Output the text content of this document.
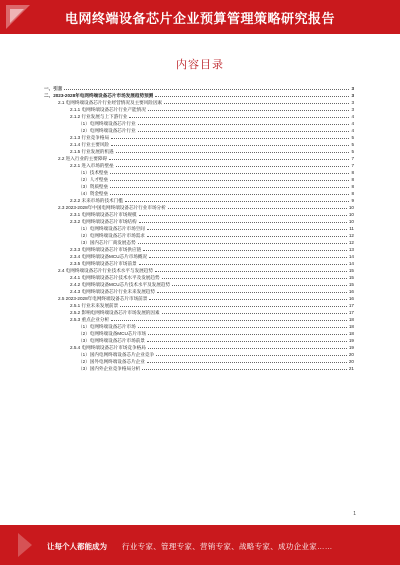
电网终端设备芯片企业预算管理策略研究报告
内容目录
一、引言	3
二、2023-2028年电网终端设备芯片市场发展趋势预测	3
2.1 电网终端设备芯片行业经营情况及主要风险因素	3
2.1.1 电网终端设备芯片行业产能情况	3
2.1.2 行业发展与上下游行业	4
（1）电网终端设备芯片行业	4
（2）电网终端设备芯片行业	4
2.1.3 行业竞争格局	5
2.1.4 行业主要风险	5
2.1.5 行业发展的机遇	5
2.2 进入行业的主要障碍	7
2.2.1 进入市场的壁垒	7
（1）技术壁垒	8
（2）人才壁垒	8
（3）资质壁垒	8
（4）资金壁垒	8
2.2.2 未来市场的技术门槛	9
2.3 2023-2028年中国电网终端设备芯片行业市场分析	10
2.3.1 电网终端设备芯片市场规模	10
2.3.2 电网终端设备芯片市场结构	10
（1）电网终端设备芯片市场空间	11
（2）电网终端设备芯片市场需求	12
（3）国内芯片厂商发展态势	12
2.3.3 电网终端设备芯片市场供应链	13
2.3.4 电网终端设备MCU芯片市场概况	14
2.3.5 电网终端设备芯片市场前景	14
2.4 电网终端设备芯片行业技术水平与发展趋势	15
2.4.1 电网终端设备芯片技术水平及发展趋势	15
2.4.2 电网终端设备MCU芯片技术水平及发展趋势	15
2.4.3 电网终端设备芯片行业未来发展趋势	16
2.5 2023-2028年电网终端设备芯片市场前景	16
2.5.1 行业未来发展前景	17
2.5.2 影响电网终端设备芯片市场发展的因素	17
2.5.3 重点企业分析	18
（1）电网终端设备芯片市场	18
（2）电网终端设备MCU芯片市场	18
（3）电网终端设备芯片市场前景	19
2.5.4 电网终端设备芯片市场竞争格局	19
（1）国内电网终端设备芯片企业竞争	20
（2）国外电网终端设备芯片企业	20
（3）国内外企业竞争格局分析	21
1
让每个人都能成为 行业专家、管理专家、营销专家、战略专家、成功企业家……
